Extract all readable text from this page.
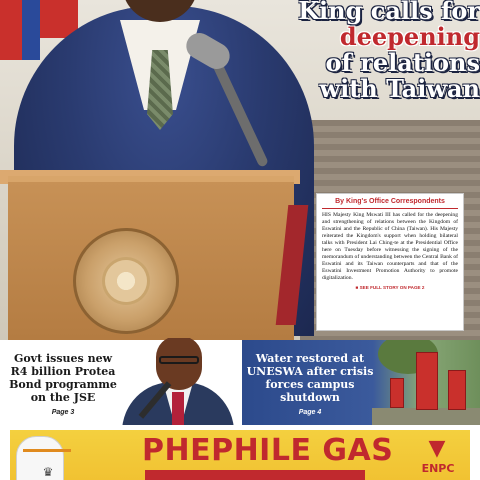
King calls for
deepening
of relations
with Taiwan
By King's Office Correspondents

HIS Majesty King Mswati III has called for the deepening and strengthening of relations between the Kingdom of Eswatini and the Republic of China (Taiwan). His Majesty reiterated the Kingdom's support when holding bilateral talks with President Lai Ching-te at the Presidential Office here on Tuesday before witnessing the signing of the memorandum of understanding between the Central Bank of Eswatini and its Taiwan counterparts and that of the Eswatini Investment Promotion Authority to promote digitalization.

■ SEE FULL STORY ON PAGE 2
Govt issues new R4 billion Protea Bond programme on the JSE
Page 3
Water restored at UNESWA after crisis forces campus shutdown
Page 4
♛
PHEPHILE GAS	▼
ENPC
